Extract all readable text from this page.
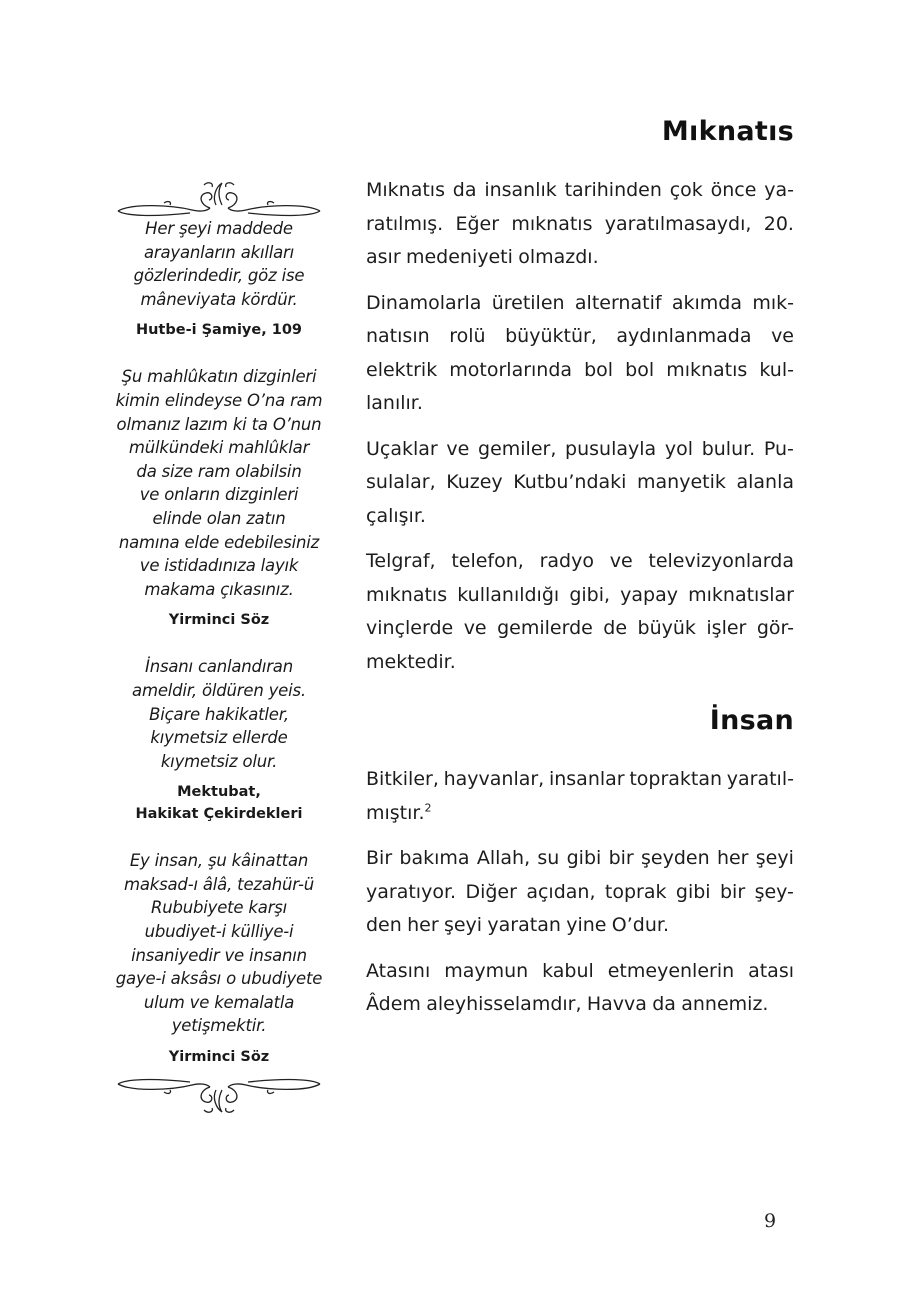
Her şeyi maddede
arayanların akılları
gözlerindedir, göz ise
mâneviyata kördür.
Hutbe-i Şamiye, 109
Şu mahlûkatın dizginleri
kimin elindeyse O’na ram
olmanız lazım ki ta O’nun
mülkündeki mahlûklar
da size ram olabilsin
ve onların dizginleri
elinde olan zatın
namına elde edebilesiniz
ve istidadınıza layık
makama çıkasınız.
Yirminci Söz
İnsanı canlandıran
ameldir, öldüren yeis.
Biçare hakikatler,
kıymetsiz ellerde
kıymetsiz olur.
Mektubat,
Hakikat Çekirdekleri
Ey insan, şu kâinattan
maksad-ı âlâ, tezahür-ü
Rububiyete karşı
ubudiyet-i külliye-i
insaniyedir ve insanın
gaye-i aksâsı o ubudiyete
ulum ve kemalatla
yetişmektir.
Yirminci Söz
Mıknatıs
Mıknatıs da insanlık tarihinden çok önce ya-
ratılmış. Eğer mıknatıs yaratılmasaydı, 20.
asır medeniyeti olmazdı.
Dinamolarla üretilen alternatif akımda mık-
natısın rolü büyüktür, aydınlanmada ve
elektrik motorlarında bol bol mıknatıs kul-
lanılır.
Uçaklar ve gemiler, pusulayla yol bulur. Pu-
sulalar, Kuzey Kutbu’ndaki manyetik alanla
çalışır.
Telgraf, telefon, radyo ve televizyonlarda
mıknatıs kullanıldığı gibi, yapay mıknatıslar
vinçlerde ve gemilerde de büyük işler gör-
mektedir.
İnsan
Bitkiler, hayvanlar, insanlar topraktan yaratıl-
mıştır.$^2$
Bir bakıma Allah, su gibi bir şeyden her şeyi
yaratıyor. Diğer açıdan, toprak gibi bir şey-
den her şeyi yaratan yine O’dur.
Atasını maymun kabul etmeyenlerin atası
Âdem aleyhisselamdır, Havva da annemiz.
9
